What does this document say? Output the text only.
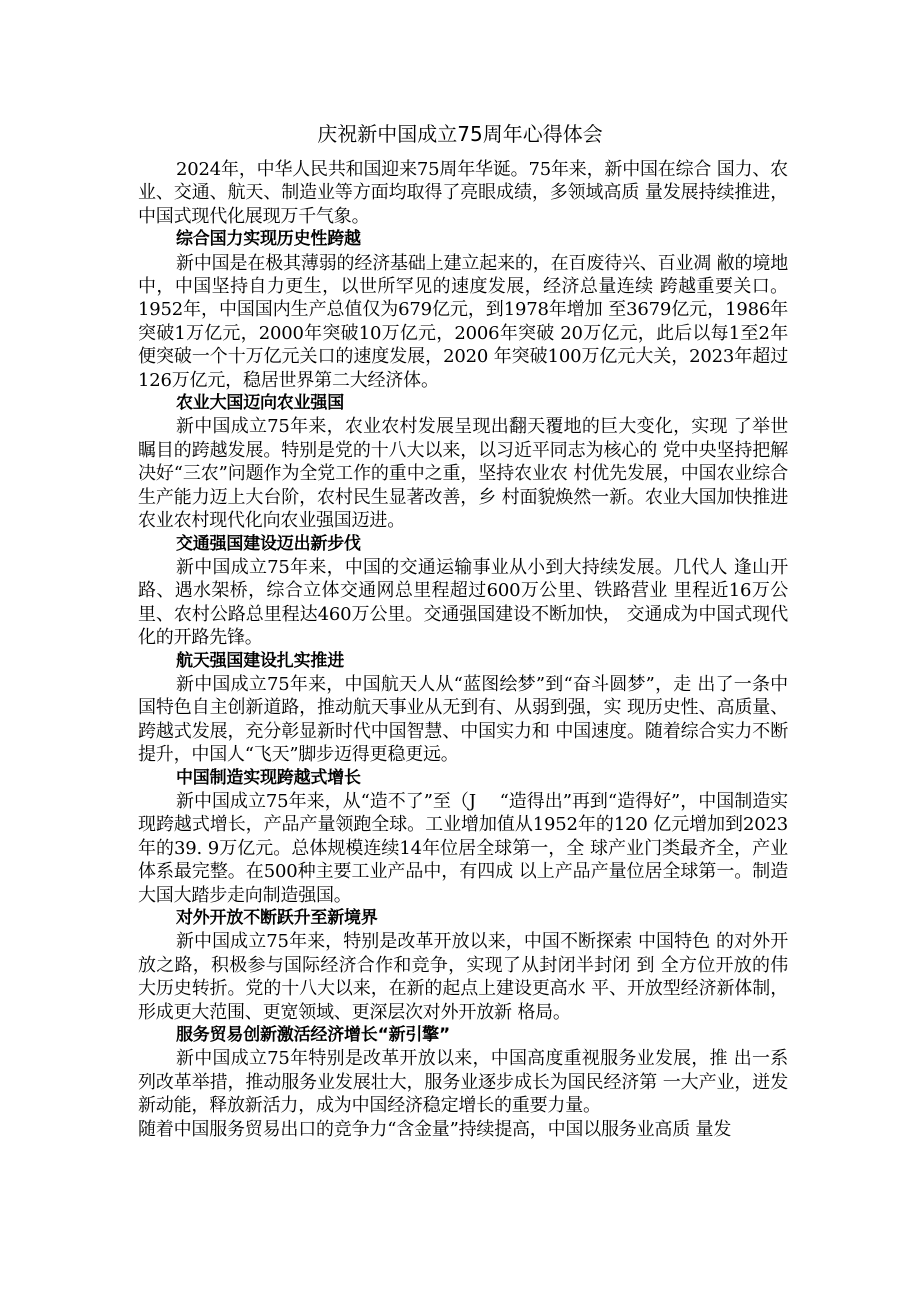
庆祝新中国成立75周年心得体会

2024年，中华人民共和国迎来75周年华诞。75年来，新中国在综合 国力、农业、交通、航天、制造业等方面均取得了亮眼成绩，多领域高质 量发展持续推进，中国式现代化展现万千气象。

综合国力实现历史性跨越

新中国是在极其薄弱的经济基础上建立起来的，在百废待兴、百业凋 敝的境地中，中国坚持自力更生，以世所罕见的速度发展，经济总量连续 跨越重要关口。1952年，中国国内生产总值仅为679亿元，到1978年增加 至3679亿元，1986年突破1万亿元，2000年突破10万亿元，2006年突破 20万亿元，此后以每1至2年便突破一个十万亿元关口的速度发展，2020 年突破100万亿元大关，2023年超过126万亿元，稳居世界第二大经济体。

农业大国迈向农业强国

新中国成立75年来，农业农村发展呈现出翻天覆地的巨大变化，实现 了举世瞩目的跨越发展。特别是党的十八大以来，以习近平同志为核心的 党中央坚持把解决好“三农”问题作为全党工作的重中之重，坚持农业农 村优先发展，中国农业综合生产能力迈上大台阶，农村民生显著改善，乡 村面貌焕然一新。农业大国加快推进农业农村现代化向农业强国迈进。

交通强国建设迈出新步伐

新中国成立75年来，中国的交通运输事业从小到大持续发展。几代人 逢山开路、遇水架桥，综合立体交通网总里程超过600万公里、铁路营业 里程近16万公里、农村公路总里程达460万公里。交通强国建设不断加快， 交通成为中国式现代化的开路先锋。

航天强国建设扎实推进

新中国成立75年来，中国航天人从“蓝图绘梦”到“奋斗圆梦”，走 出了一条中国特色自主创新道路，推动航天事业从无到有、从弱到强，实 现历史性、高质量、跨越式发展，充分彰显新时代中国智慧、中国实力和 中国速度。随着综合实力不断提升，中国人“飞天”脚步迈得更稳更远。

中国制造实现跨越式增长

新中国成立75年来，从“造不了”至（J 　“造得出”再到“造得好”，中国制造实现跨越式增长，产品产量领跑全球。工业增加值从1952年的120 亿元增加到2023年的39. 9万亿元。总体规模连续14年位居全球第一，全 球产业门类最齐全，产业体系最完整。在500种主要工业产品中，有四成 以上产品产量位居全球第一。制造大国大踏步走向制造强国。

对外开放不断跃升至新境界

新中国成立75年来，特别是改革开放以来，中国不断探索 中国特色 的对外开放之路，积极参与国际经济合作和竞争，实现了从封闭半封闭 到 全方位开放的伟大历史转折。党的十八大以来，在新的起点上建设更高水 平、开放型经济新体制，形成更大范围、更宽领域、更深层次对外开放新 格局。

服务贸易创新激活经济增长“新引擎”

新中国成立75年特别是改革开放以来，中国高度重视服务业发展，推 出一系列改革举措，推动服务业发展壮大，服务业逐步成长为国民经济第 一大产业，迸发新动能，释放新活力，成为中国经济稳定增长的重要力量。

随着中国服务贸易出口的竞争力“含金量”持续提高，中国以服务业高质 量发
